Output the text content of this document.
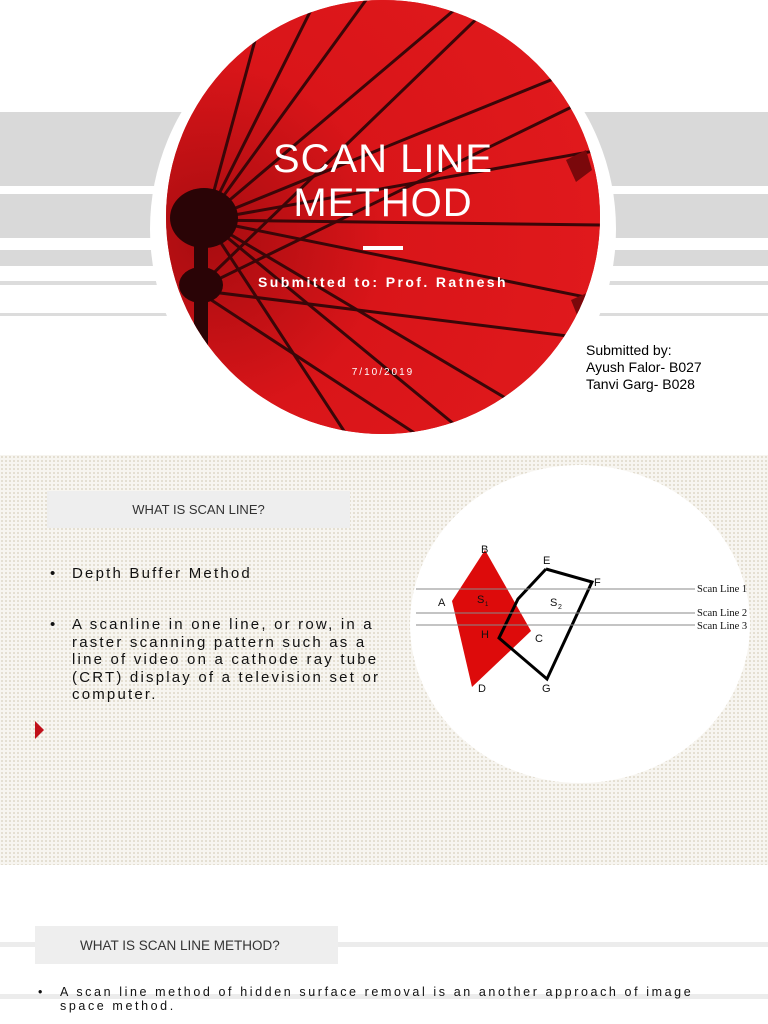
SCAN LINE
METHOD
Submitted to: Prof. Ratnesh
7/10/2019
Submitted by:
Ayush Falor- B027
Tanvi Garg- B028
WHAT IS SCAN LINE?
• Depth Buffer Method
• A scanline in one line, or row, in a raster scanning pattern such as a line of video on a cathode ray tube (CRT) display of a television set or computer.
B
E
F
A
C
H
D	G
S 1	S 2
Scan Line 1
Scan Line 2
Scan Line 3
WHAT IS SCAN LINE METHOD?
• A scan line method of hidden surface removal is an another approach of image space method.
